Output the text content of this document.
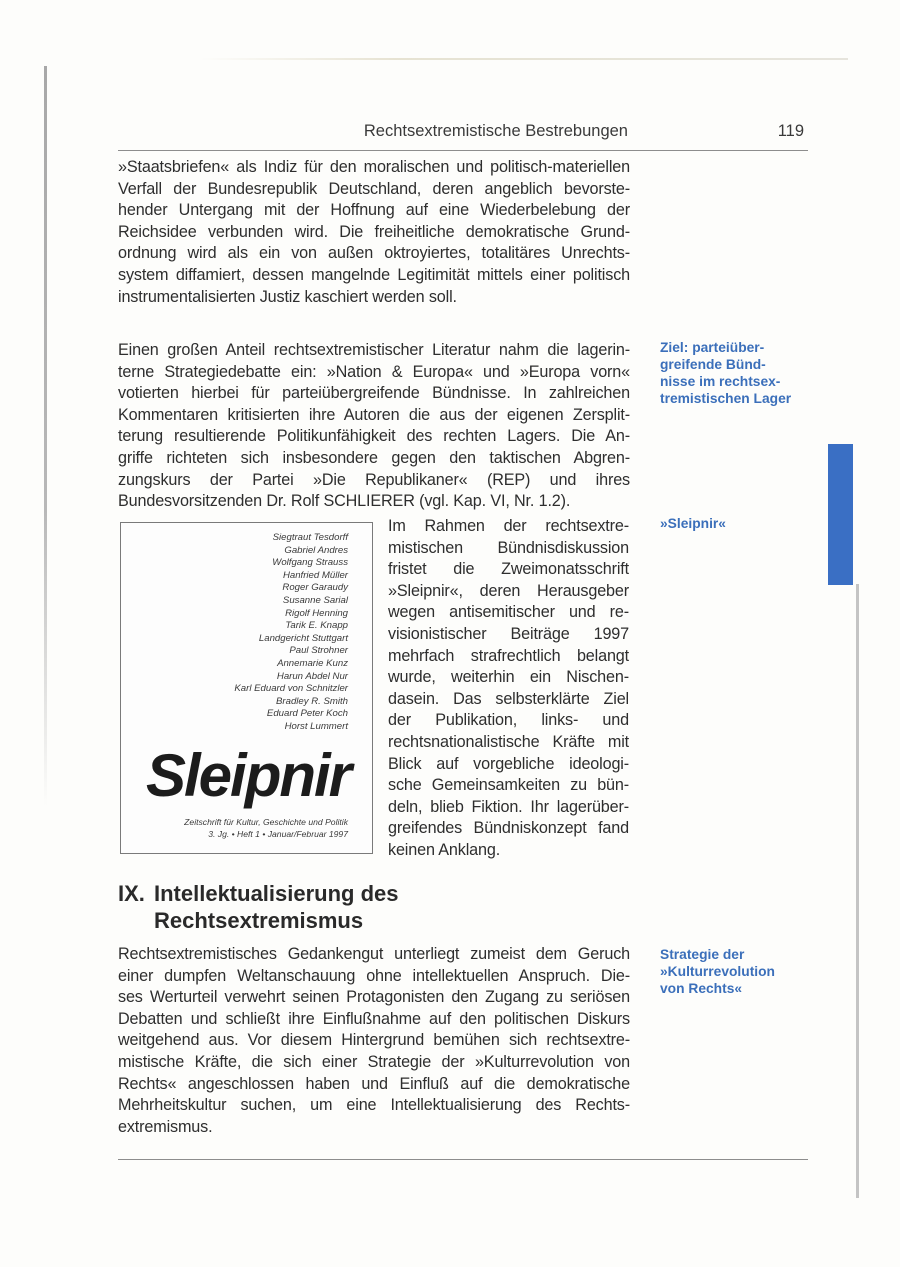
Rechtsextremistische Bestrebungen	119
»Staatsbriefen« als Indiz für den moralischen und politisch-materiellen
Verfall der Bundesrepublik Deutschland, deren angeblich bevorste-
hender Untergang mit der Hoffnung auf eine Wiederbelebung der
Reichsidee verbunden wird. Die freiheitliche demokratische Grund-
ordnung wird als ein von außen oktroyiertes, totalitäres Unrechts-
system diffamiert, dessen mangelnde Legitimität mittels einer politisch
instrumentalisierten Justiz kaschiert werden soll.
Einen großen Anteil rechtsextremistischer Literatur nahm die lagerin-
terne Strategiedebatte ein: »Nation & Europa« und »Europa vorn«
votierten hierbei für parteiübergreifende Bündnisse. In zahlreichen
Kommentaren kritisierten ihre Autoren die aus der eigenen Zersplit-
terung resultierende Politikunfähigkeit des rechten Lagers. Die An-
griffe richteten sich insbesondere gegen den taktischen Abgren-
zungskurs der Partei »Die Republikaner« (REP) und ihres
Bundesvorsitzenden Dr. Rolf SCHLIERER (vgl. Kap. VI, Nr. 1.2).
Ziel: parteiüber-
greifende Bünd-
nisse im rechtsex-
tremistischen Lager
Siegtraut Tesdorff
Gabriel Andres
Wolfgang Strauss
Hanfried Müller
Roger Garaudy
Susanne Sarial
Rigolf Henning
Tarik E. Knapp
Landgericht Stuttgart
Paul Strohner
Annemarie Kunz
Harun Abdel Nur
Karl Eduard von Schnitzler
Bradley R. Smith
Eduard Peter Koch
Horst Lummert
Sleipnir
Zeitschrift für Kultur, Geschichte und Politik
3. Jg. • Heft 1 • Januar/Februar 1997
Im Rahmen der rechtsextre-
mistischen Bündnisdiskussion
fristet die Zweimonatsschrift
»Sleipnir«, deren Herausgeber
wegen antisemitischer und re-
visionistischer Beiträge 1997
mehrfach strafrechtlich belangt
wurde, weiterhin ein Nischen-
dasein. Das selbsterklärte Ziel
der Publikation, links- und
rechtsnationalistische Kräfte mit
Blick auf vorgebliche ideologi-
sche Gemeinsamkeiten zu bün-
deln, blieb Fiktion. Ihr lagerüber-
greifendes Bündniskonzept fand
keinen Anklang.
»Sleipnir«
IX. Intellektualisierung des
Rechtsextremismus
Rechtsextremistisches Gedankengut unterliegt zumeist dem Geruch
einer dumpfen Weltanschauung ohne intellektuellen Anspruch. Die-
ses Werturteil verwehrt seinen Protagonisten den Zugang zu seriösen
Debatten und schließt ihre Einflußnahme auf den politischen Diskurs
weitgehend aus. Vor diesem Hintergrund bemühen sich rechtsextre-
mistische Kräfte, die sich einer Strategie der »Kulturrevolution von
Rechts« angeschlossen haben und Einfluß auf die demokratische
Mehrheitskultur suchen, um eine Intellektualisierung des Rechts-
extremismus.
Strategie der
»Kulturrevolution
von Rechts«
